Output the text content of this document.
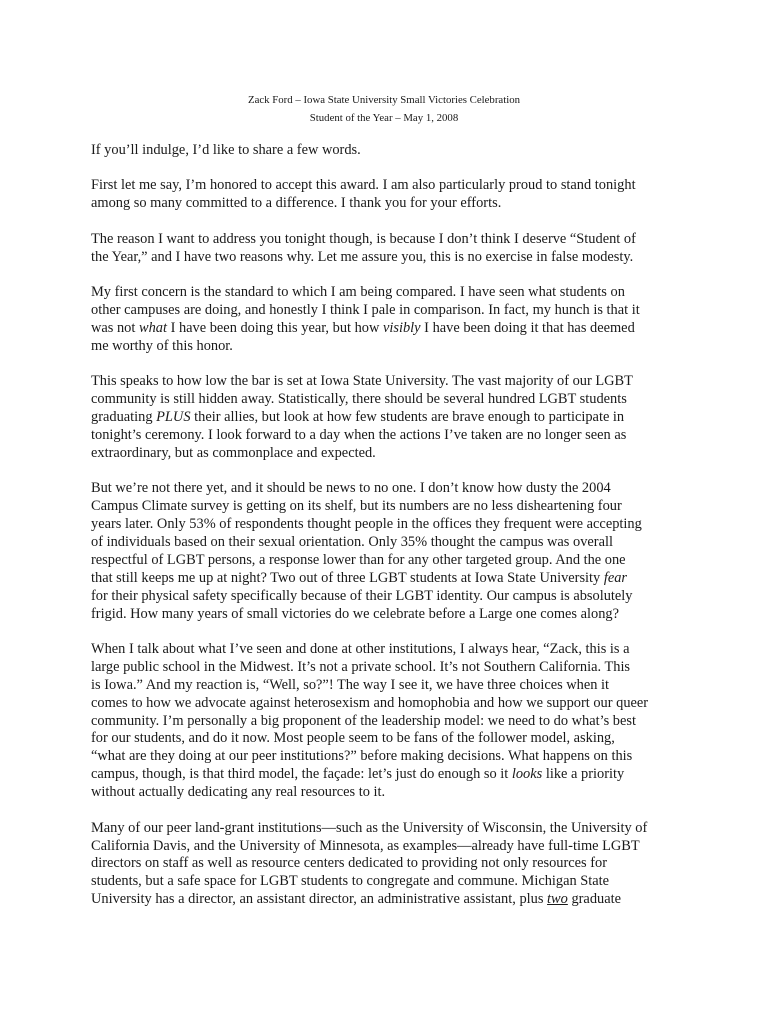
Zack Ford – Iowa State University Small Victories Celebration
Student of the Year – May 1, 2008

If you’ll indulge, I’d like to share a few words.

First let me say, I’m honored to accept this award. I am also particularly proud to stand tonight
among so many committed to a difference. I thank you for your efforts.

The reason I want to address you tonight though, is because I don’t think I deserve “Student of
the Year,” and I have two reasons why. Let me assure you, this is no exercise in false modesty.

My first concern is the standard to which I am being compared. I have seen what students on
other campuses are doing, and honestly I think I pale in comparison. In fact, my hunch is that it
was not what I have been doing this year, but how visibly I have been doing it that has deemed
me worthy of this honor.

This speaks to how low the bar is set at Iowa State University. The vast majority of our LGBT
community is still hidden away. Statistically, there should be several hundred LGBT students
graduating PLUS their allies, but look at how few students are brave enough to participate in
tonight’s ceremony. I look forward to a day when the actions I’ve taken are no longer seen as
extraordinary, but as commonplace and expected.

But we’re not there yet, and it should be news to no one. I don’t know how dusty the 2004
Campus Climate survey is getting on its shelf, but its numbers are no less disheartening four
years later. Only 53% of respondents thought people in the offices they frequent were accepting
of individuals based on their sexual orientation. Only 35% thought the campus was overall
respectful of LGBT persons, a response lower than for any other targeted group. And the one
that still keeps me up at night? Two out of three LGBT students at Iowa State University fear
for their physical safety specifically because of their LGBT identity. Our campus is absolutely
frigid. How many years of small victories do we celebrate before a Large one comes along?

When I talk about what I’ve seen and done at other institutions, I always hear, “Zack, this is a
large public school in the Midwest. It’s not a private school. It’s not Southern California. This
is Iowa.” And my reaction is, “Well, so?”! The way I see it, we have three choices when it
comes to how we advocate against heterosexism and homophobia and how we support our queer
community. I’m personally a big proponent of the leadership model: we need to do what’s best
for our students, and do it now. Most people seem to be fans of the follower model, asking,
“what are they doing at our peer institutions?” before making decisions. What happens on this
campus, though, is that third model, the façade: let’s just do enough so it looks like a priority
without actually dedicating any real resources to it.

Many of our peer land-grant institutions—such as the University of Wisconsin, the University of
California Davis, and the University of Minnesota, as examples—already have full-time LGBT
directors on staff as well as resource centers dedicated to providing not only resources for
students, but a safe space for LGBT students to congregate and commune. Michigan State
University has a director, an assistant director, an administrative assistant, plus two graduate
